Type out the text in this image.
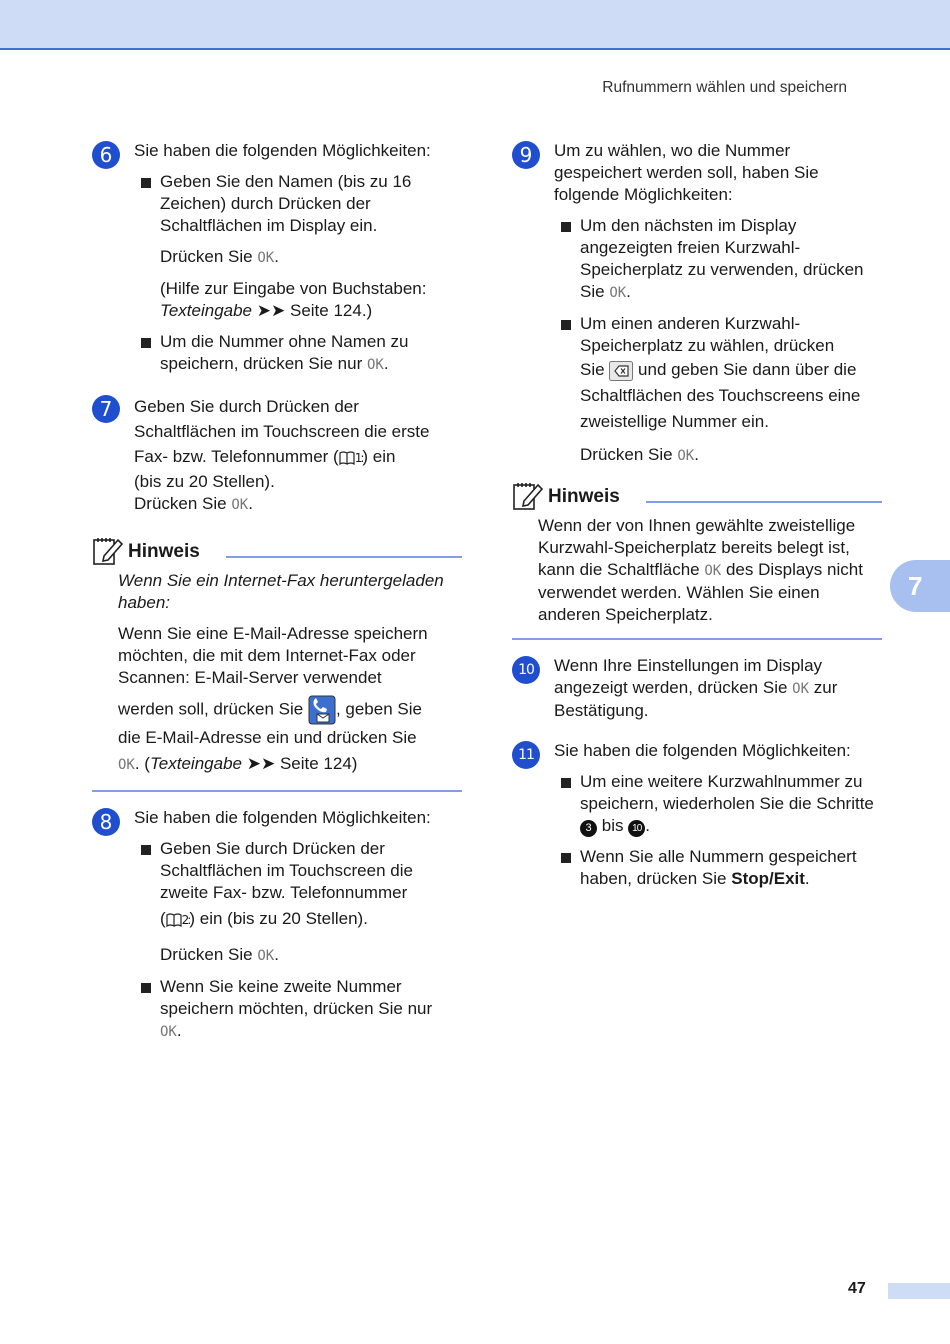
Rufnummern wählen und speichern
6	Sie haben die folgenden Möglichkeiten:

Geben Sie den Namen (bis zu 16 Zeichen) durch Drücken der Schaltflächen im Display ein.

Drücken Sie OK.

(Hilfe zur Eingabe von Buchstaben:
Texteingabe ➤➤ Seite 124.)

Um die Nummer ohne Namen zu speichern, drücken Sie nur OK.
7	Geben Sie durch Drücken der
Schaltflächen im Touchscreen die erste
Fax- bzw. Telefonnummer ( 1:) ein

(bis zu 20 Stellen).
Drücken Sie OK.

Hinweis

Wenn Sie ein Internet-Fax heruntergeladen haben:

Wenn Sie eine E-Mail-Adresse speichern möchten, die mit dem Internet-Fax oder Scannen: E-Mail-Server verwendet

werden soll, drücken Sie , geben Sie
die E-Mail-Adresse ein und drücken Sie
OK. (Texteingabe ➤➤ Seite 124)

8	Sie haben die folgenden Möglichkeiten:

Geben Sie durch Drücken der Schaltflächen im Touchscreen die zweite Fax- bzw. Telefonnummer
( 2:) ein (bis zu 20 Stellen).

Drücken Sie OK.

Wenn Sie keine zweite Nummer speichern möchten, drücken Sie nur
OK.
9	Um zu wählen, wo die Nummer gespeichert werden soll, haben Sie folgende Möglichkeiten:

Um den nächsten im Display angezeigten freien Kurzwahl-Speicherplatz zu verwenden, drücken Sie OK.
Um einen anderen Kurzwahl-Speicherplatz zu wählen, drücken
Sie und geben Sie dann über die Schaltflächen des Touchscreens eine zweistellige Nummer ein.

Drücken Sie OK.

Hinweis

Wenn der von Ihnen gewählte zweistellige Kurzwahl-Speicherplatz bereits belegt ist, kann die Schaltfläche OK des Displays nicht verwendet werden. Wählen Sie einen anderen Speicherplatz.

10	Wenn Ihre Einstellungen im Display angezeigt werden, drücken Sie OK zur Bestätigung.

11	Sie haben die folgenden Möglichkeiten:

Um eine weitere Kurzwahlnummer zu speichern, wiederholen Sie die Schritte 3 bis 10 .
Wenn Sie alle Nummern gespeichert haben, drücken Sie Stop/Exit.
7
47
